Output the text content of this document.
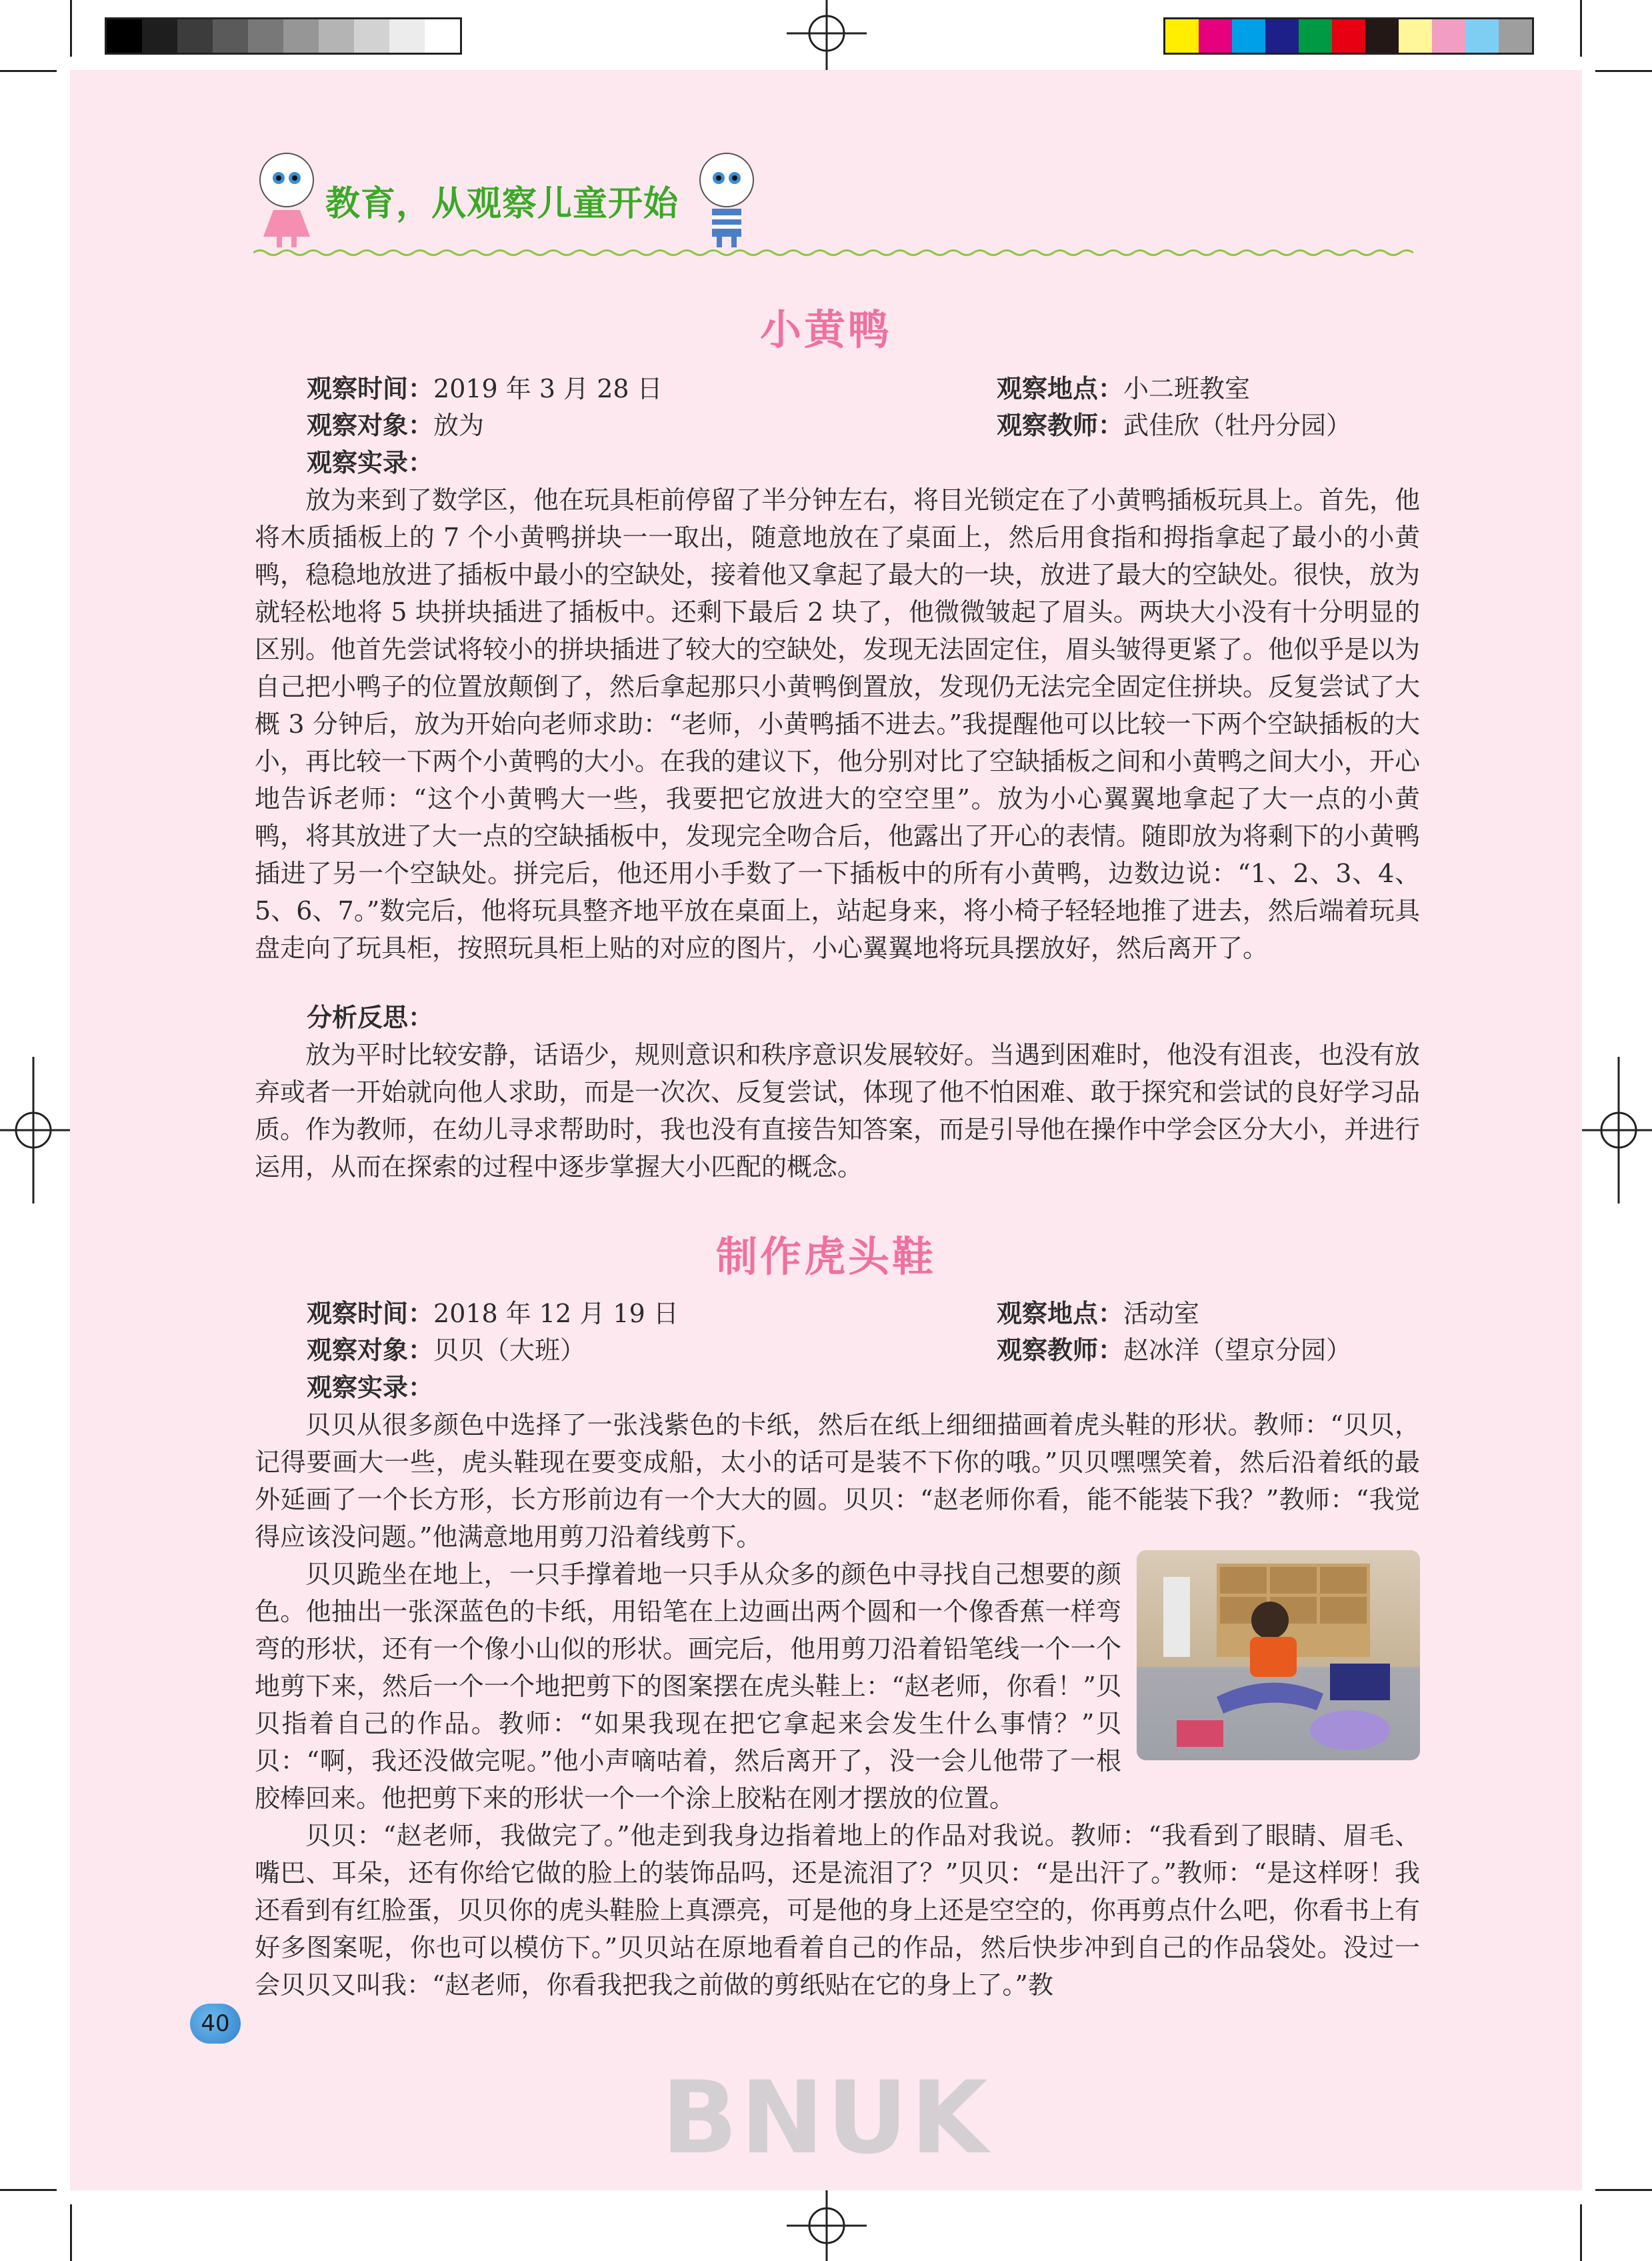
教育，从观察儿童开始
小黄鸭
观察时间：2019 年 3 月 28 日	观察地点：小二班教室
观察对象：放为	观察教师：武佳欣（牡丹分园）
观察实录：

放为来到了数学区，他在玩具柜前停留了半分钟左右，将目光锁定在了小黄鸭插板玩具上。首先，他将木质插板上的 7 个小黄鸭拼块一一取出，随意地放在了桌面上，然后用食指和拇指拿起了最小的小黄鸭，稳稳地放进了插板中最小的空缺处，接着他又拿起了最大的一块，放进了最大的空缺处。很快，放为就轻松地将 5 块拼块插进了插板中。还剩下最后 2 块了，他微微皱起了眉头。两块大小没有十分明显的区别。他首先尝试将较小的拼块插进了较大的空缺处，发现无法固定住，眉头皱得更紧了。他似乎是以为自己把小鸭子的位置放颠倒了，然后拿起那只小黄鸭倒置放，发现仍无法完全固定住拼块。反复尝试了大概 3 分钟后，放为开始向老师求助：“老师，小黄鸭插不进去。”我提醒他可以比较一下两个空缺插板的大小，再比较一下两个小黄鸭的大小。在我的建议下，他分别对比了空缺插板之间和小黄鸭之间大小，开心地告诉老师：“这个小黄鸭大一些，我要把它放进大的空空里”。放为小心翼翼地拿起了大一点的小黄鸭，将其放进了大一点的空缺插板中，发现完全吻合后，他露出了开心的表情。随即放为将剩下的小黄鸭插进了另一个空缺处。拼完后，他还用小手数了一下插板中的所有小黄鸭，边数边说：“1、2、3、4、5、6、7。”数完后，他将玩具整齐地平放在桌面上，站起身来，将小椅子轻轻地推了进去，然后端着玩具盘走向了玩具柜，按照玩具柜上贴的对应的图片，小心翼翼地将玩具摆放好，然后离开了。

分析反思：

放为平时比较安静，话语少，规则意识和秩序意识发展较好。当遇到困难时，他没有沮丧，也没有放弃或者一开始就向他人求助，而是一次次、反复尝试，体现了他不怕困难、敢于探究和尝试的良好学习品质。作为教师，在幼儿寻求帮助时，我也没有直接告知答案，而是引导他在操作中学会区分大小，并进行运用，从而在探索的过程中逐步掌握大小匹配的概念。

制作虎头鞋
观察时间：2018 年 12 月 19 日	观察地点：活动室
观察对象：贝贝（大班）	观察教师：赵冰洋（望京分园）
观察实录：

贝贝从很多颜色中选择了一张浅紫色的卡纸，然后在纸上细细描画着虎头鞋的形状。教师：“贝贝，记得要画大一些，虎头鞋现在要变成船，太小的话可是装不下你的哦。”贝贝嘿嘿笑着，然后沿着纸的最外延画了一个长方形，长方形前边有一个大大的圆。贝贝：“赵老师你看，能不能装下我？”教师：“我觉得应该没问题。”他满意地用剪刀沿着线剪下。

贝贝跪坐在地上，一只手撑着地一只手从众多的颜色中寻找自己想要的颜色。他抽出一张深蓝色的卡纸，用铅笔在上边画出两个圆和一个像香蕉一样弯弯的形状，还有一个像小山似的形状。画完后，他用剪刀沿着铅笔线一个一个地剪下来，然后一个一个地把剪下的图案摆在虎头鞋上：“赵老师，你看！”贝贝指着自己的作品。教师：“如果我现在把它拿起来会发生什么事情？”贝贝：“啊，我还没做完呢。”他小声嘀咕着，然后离开了，没一会儿他带了一根胶棒回来。他把剪下来的形状一个一个涂上胶粘在刚才摆放的位置。

贝贝：“赵老师，我做完了。”他走到我身边指着地上的作品对我说。教师：“我看到了眼睛、眉毛、嘴巴、耳朵，还有你给它做的脸上的装饰品吗，还是流泪了？”贝贝：“是出汗了。”教师：“是这样呀！我还看到有红脸蛋，贝贝你的虎头鞋脸上真漂亮，可是他的身上还是空空的，你再剪点什么吧，你看书上有好多图案呢，你也可以模仿下。”贝贝站在原地看着自己的作品，然后快步冲到自己的作品袋处。没过一会贝贝又叫我：“赵老师，你看我把我之前做的剪纸贴在它的身上了。”教

40
BNUK
